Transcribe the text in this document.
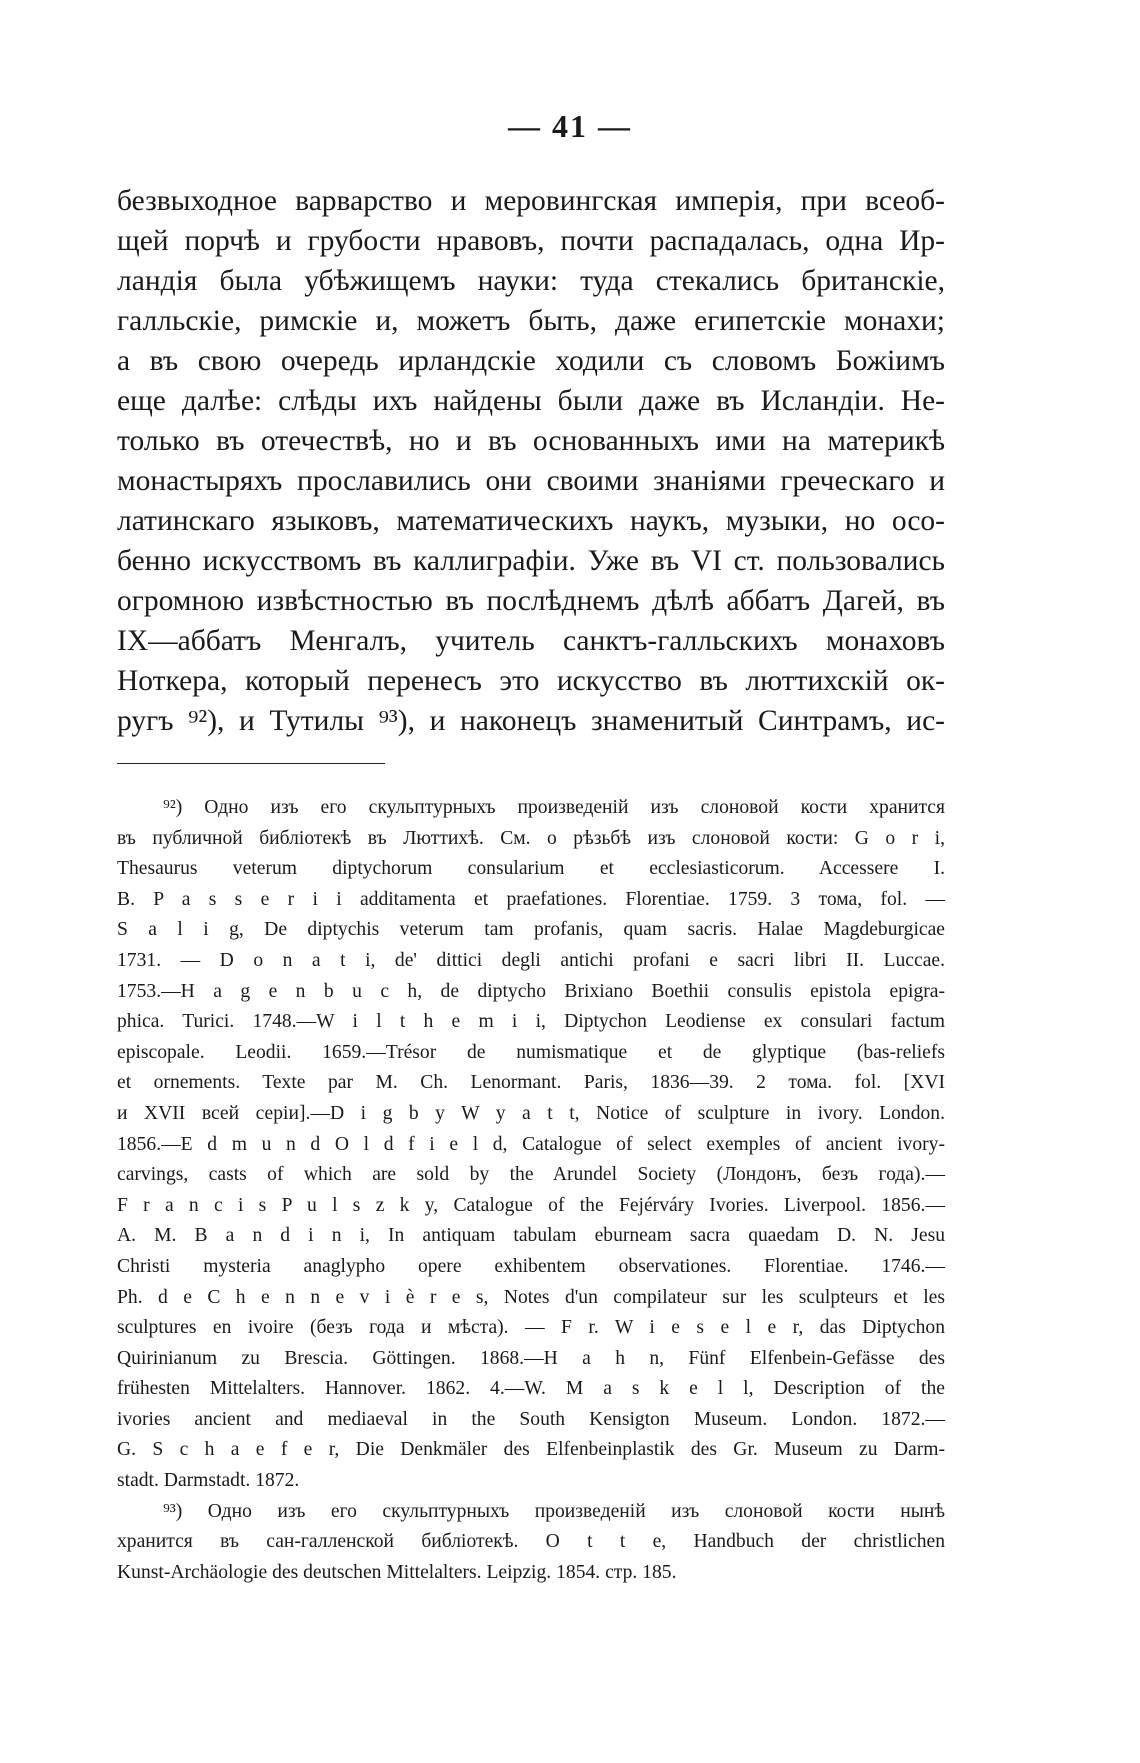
— 41 —
безвыходное варварство и меровингская имперія, при всеоб-
щей порчѣ и грубости нравовъ, почти распадалась, одна Ир-
ландія была убѣжищемъ науки: туда стекались британскіе,
галльскіе, римскіе и, можетъ быть, даже египетскіе монахи;
а въ свою очередь ирландскіе ходили съ словомъ Божіимъ
еще далѣе: слѣды ихъ найдены были даже въ Исландіи. Не-
только въ отечествѣ, но и въ основанныхъ ими на материкѣ
монастыряхъ прославились они своими знаніями греческаго и
латинскаго языковъ, математическихъ наукъ, музыки, но осо-
бенно искусствомъ въ каллиграфіи. Уже въ VI ст. пользовались
огромною извѣстностью въ послѣднемъ дѣлѣ аббатъ Дагей, въ
IX—аббатъ Менгалъ, учитель санктъ-галльскихъ монаховъ
Ноткера, который перенесъ это искусство въ люттихскій ок-
ругъ ⁹²), и Тутилы ⁹³), и наконецъ знаменитый Синтрамъ, ис-
⁹²) Одно изъ его скульптурныхъ произведеній изъ слоновой кости хранится
въ публичной библіотекѣ въ Люттихѣ. См. о рѣзьбѣ изъ слоновой кости: G o r i,
Thesaurus veterum diptychorum consularium et ecclesiasticorum. Accessere I.
B. P a s s e r i i additamenta et praefationes. Florentiae. 1759. 3 тома, fol. —
S a l i g, De diptychis veterum tam profanis, quam sacris. Halae Magdeburgicae
1731. — D o n a t i, de' dittici degli antichi profani e sacri libri II. Luccae.
1753.—H a g e n b u c h, de diptycho Brixiano Boethii consulis epistola epigra-
phica. Turici. 1748.—W i l t h e m i i, Diptychon Leodiense ex consulari factum
episcopale. Leodii. 1659.—Trésor de numismatique et de glyptique (bas-reliefs
et ornements. Texte par M. Ch. Lenormant. Paris, 1836—39. 2 тома. fol. [XVI
и XVII всей серіи].—D i g b y W y a t t, Notice of sculpture in ivory. London.
1856.—E d m u n d O l d f i e l d, Catalogue of select exemples of ancient ivory-
carvings, casts of which are sold by the Arundel Society (Лондонъ, безъ года).—
F r a n c i s P u l s z k y, Catalogue of the Fejérváry Ivories. Liverpool. 1856.—
A. M. B a n d i n i, In antiquam tabulam eburneam sacra quaedam D. N. Jesu
Christi mysteria anaglypho opere exhibentem observationes. Florentiae. 1746.—
Ph. d e C h e n n e v i è r e s, Notes d'un compilateur sur les sculpteurs et les
sculptures en ivoire (безъ года и мѣста). — F r. W i e s e l e r, das Diptychon
Quirinianum zu Brescia. Göttingen. 1868.—H a h n, Fünf Elfenbein-Gefässe des
frühesten Mittelalters. Hannover. 1862. 4.—W. M a s k e l l, Description of the
ivories ancient and mediaeval in the South Kensigton Museum. London. 1872.—
G. S c h a e f e r, Die Denkmäler des Elfenbeinplastik des Gr. Museum zu Darm-
stadt. Darmstadt. 1872.
⁹³) Одно изъ его скульптурныхъ произведеній изъ слоновой кости нынѣ
хранится въ сан-галленской библіотекѣ. O t t e, Handbuch der christlichen
Kunst-Archäologie des deutschen Mittelalters. Leipzig. 1854. стр. 185.
